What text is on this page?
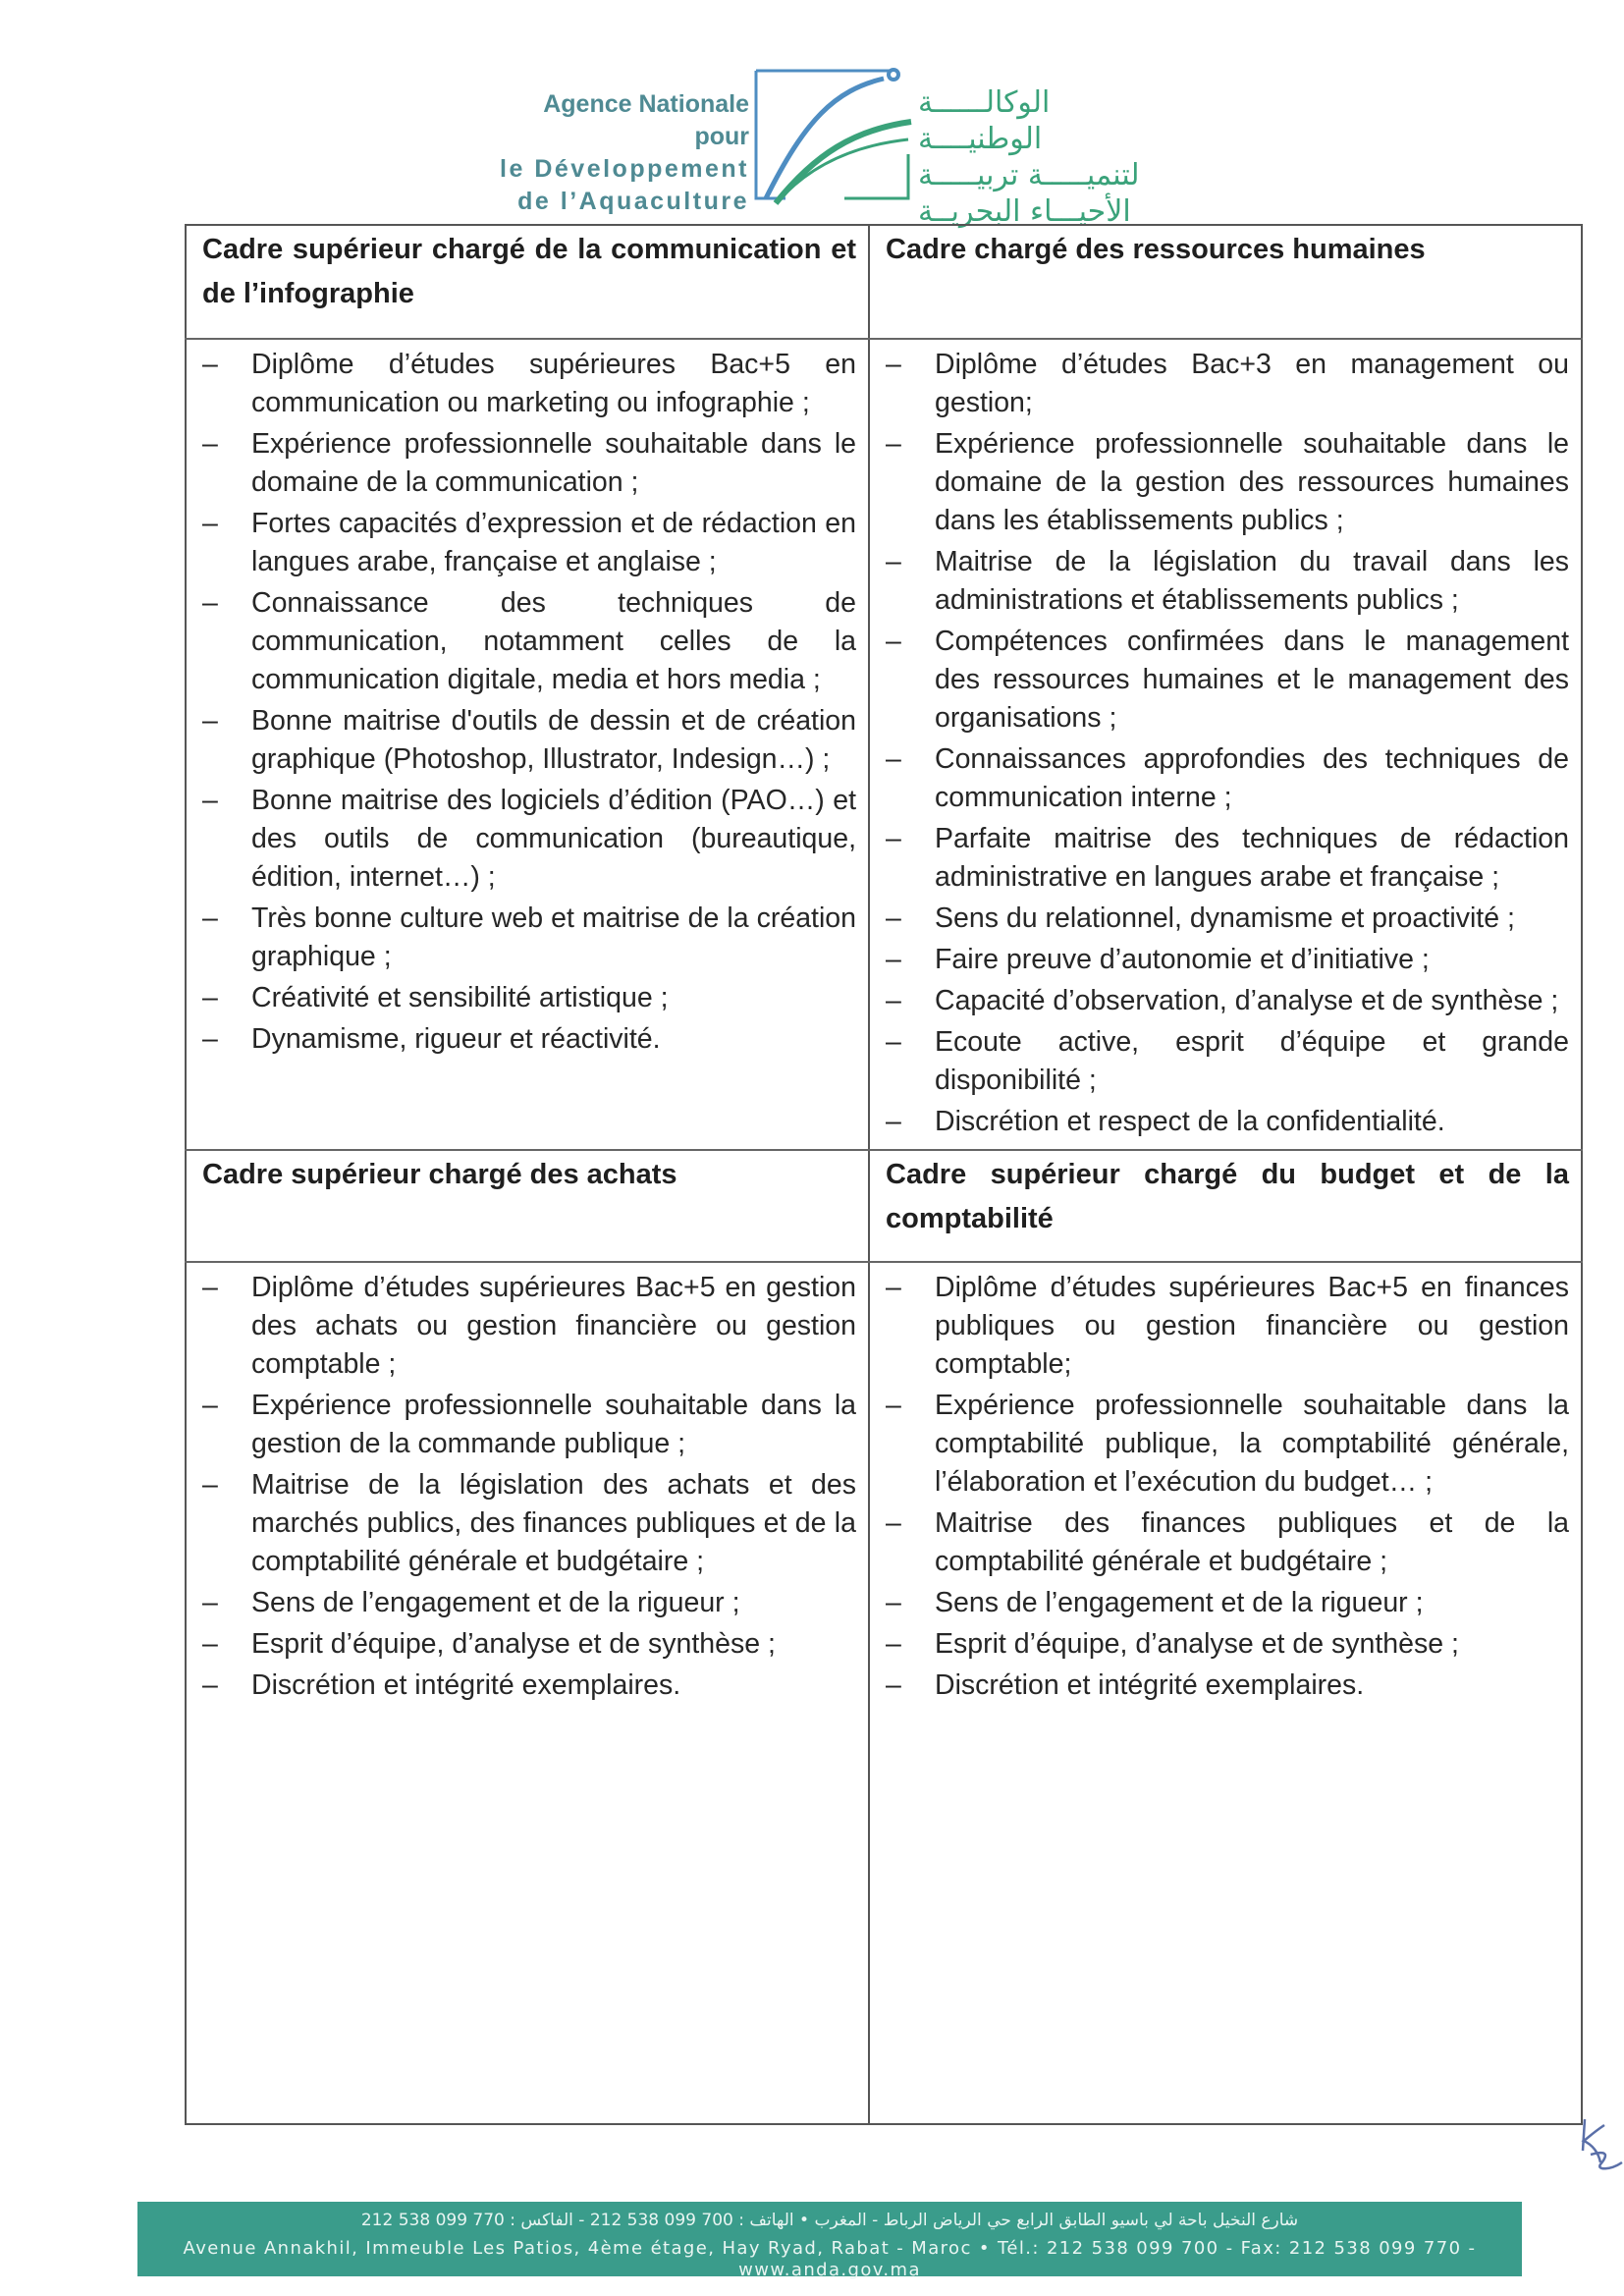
Agence Nationale pour
le Développement
de l’Aquaculture
الوكالــــــة الوطنيــــة
لتنميـــــة تربيـــــة
الأحيـــاء البحريــة
Cadre supérieur chargé de la communication et de l’infographie
– Diplôme d’études supérieures Bac+5 en communication ou marketing ou infographie ;
– Expérience professionnelle souhaitable dans le domaine de la communication ;
– Fortes capacités d’expression et de rédaction en langues arabe, française et anglaise ;
– Connaissance des techniques de communication, notamment celles de la communication digitale, media et hors media ;
– Bonne maitrise d'outils de dessin et de création graphique (Photoshop, Illustrator, Indesign…) ;
– Bonne maitrise des logiciels d’édition (PAO…) et des outils de communication (bureautique, édition, internet…) ;
– Très bonne culture web et maitrise de la création graphique ;
– Créativité et sensibilité artistique ;
– Dynamisme, rigueur et réactivité.
Cadre chargé des ressources humaines
– Diplôme d’études Bac+3 en management ou gestion;
– Expérience professionnelle souhaitable dans le domaine de la gestion des ressources humaines dans les établissements publics ;
– Maitrise de la législation du travail dans les administrations et établissements publics ;
– Compétences confirmées dans le management des ressources humaines et le management des organisations ;
– Connaissances approfondies des techniques de communication interne ;
– Parfaite maitrise des techniques de rédaction administrative en langues arabe et française ;
– Sens du relationnel, dynamisme et proactivité ;
– Faire preuve d’autonomie et d’initiative ;
– Capacité d’observation, d’analyse et de synthèse ;
– Ecoute active, esprit d’équipe et grande disponibilité ;
– Discrétion et respect de la confidentialité.
Cadre supérieur chargé des achats
– Diplôme d’études supérieures Bac+5 en gestion des achats ou gestion financière ou gestion comptable ;
– Expérience professionnelle souhaitable dans la gestion de la commande publique ;
– Maitrise de la législation des achats et des marchés publics, des finances publiques et de la comptabilité générale et budgétaire ;
– Sens de l’engagement et de la rigueur ;
– Esprit d’équipe, d’analyse et de synthèse ;
– Discrétion et intégrité exemplaires.
Cadre supérieur chargé du budget et de la comptabilité
– Diplôme d’études supérieures Bac+5 en finances publiques ou gestion financière ou gestion comptable;
– Expérience professionnelle souhaitable dans la comptabilité publique, la comptabilité générale, l’élaboration et l’exécution du budget… ;
– Maitrise des finances publiques et de la comptabilité générale et budgétaire ;
– Sens de l’engagement et de la rigueur ;
– Esprit d’équipe, d’analyse et de synthèse ;
– Discrétion et intégrité exemplaires.
شارع النخيل باحة لي باسيو الطابق الرابع حي الرياض الرباط - المغرب • الهاتف : 700 099 538 212 - الفاكس : 770 099 538 212
Avenue Annakhil, Immeuble Les Patios, 4ème étage, Hay Ryad, Rabat - Maroc • Tél.: 212 538 099 700 - Fax: 212 538 099 770 - www.anda.gov.ma
